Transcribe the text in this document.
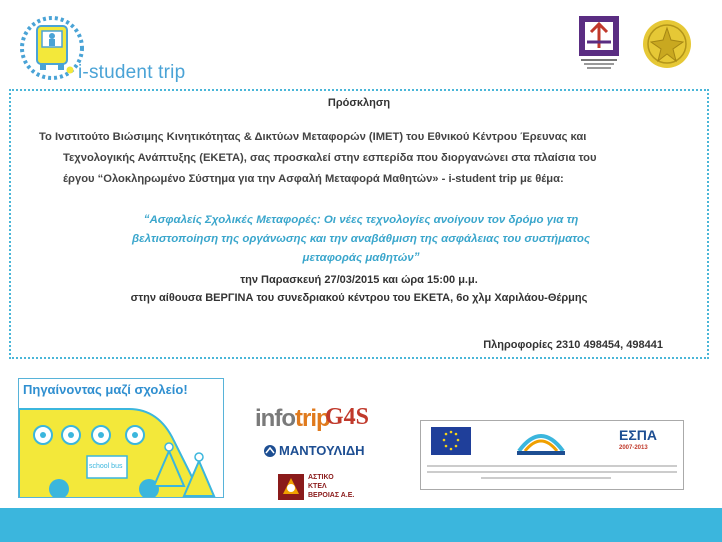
i-student trip
Πρόσκληση
Το Ινστιτούτο Βιώσιμης Κινητικότητας & Δικτύων Μεταφορών (ΙΜΕΤ) του Εθνικού Κέντρου Έρευνας και
Τεχνολογικής Ανάπτυξης (ΕΚΕΤΑ), σας προσκαλεί στην εσπερίδα που διοργανώνει στα πλαίσια του
έργου “Ολοκληρωμένο Σύστημα για την Ασφαλή Μεταφορά Μαθητών» - i-student trip με θέμα:
“Ασφαλείς Σχολικές Μεταφορές: Οι νέες τεχνολογίες ανοίγουν τον δρόμο για τη
βελτιστοποίηση της οργάνωσης και την αναβάθμιση της ασφάλειας του συστήματος
μεταφοράς μαθητών”
την Παρασκευή 27/03/2015 και ώρα 15:00 μ.μ.
στην αίθουσα ΒΕΡΓΙΝΑ του συνεδριακού κέντρου του ΕΚΕΤΑ, 6ο χλμ Χαριλάου-Θέρμης
Πληροφορίες 2310 498454, 498441
Πηγαίνοντας μαζί σχολείο!
school bus
infotrip
G4S
ΜΑΝΤΟΥΛΙΔΗ
ΑΣΤΙΚΟ
ΚΤΕΛ
ΒΕΡΟΙΑΣ Α.Ε.
ΕΣΠΑ
2007-2013
